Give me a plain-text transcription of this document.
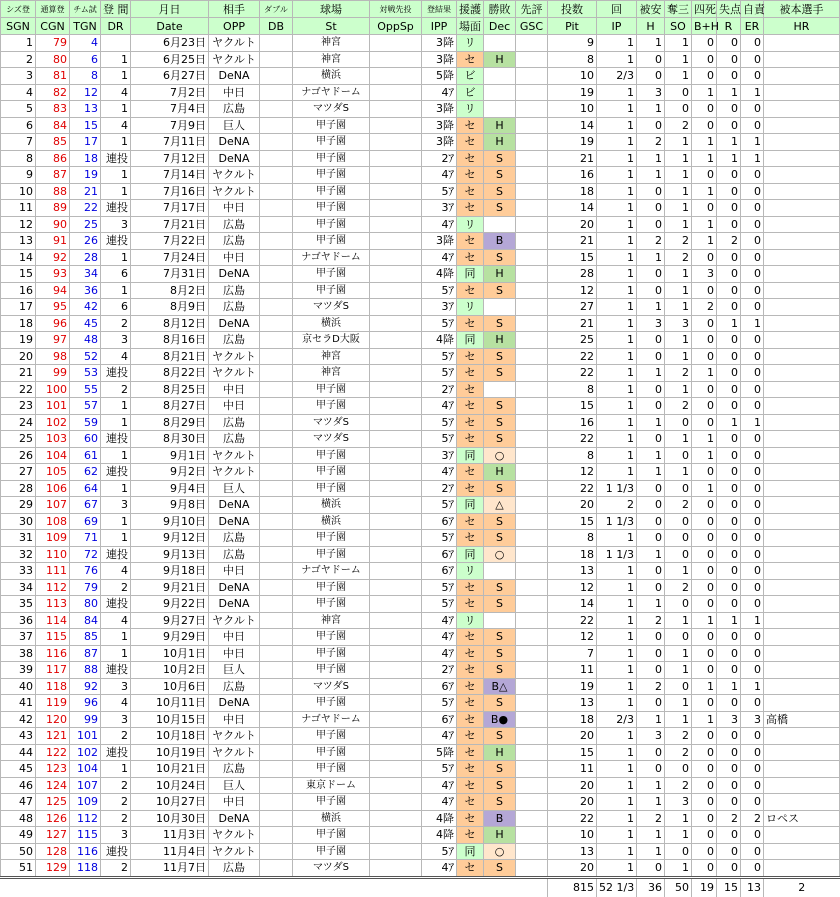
シズ登	通算登	チム試	登 間	月日	相手	ダブル	球場	対戦先投	登結果	援護	勝敗	先評	投数	回	被安	奪三	四死	失点	自責	被本選手
SGN	CGN	TGN	DR	Date	OPP	DB	St	OppSp	IPP	場面	Dec	GSC	Pit	IP	H	SO	B+H	R	ER	HR
1	79	4		6月23日	ヤクルト		神宮		3降	リ			9	1	1	1	0	0	0	
2	80	6	1	6月25日	ヤクルト		神宮		3降	セ	H		8	1	0	1	0	0	0	
3	81	8	1	6月27日	DeNA		横浜		5降	ビ			10	2/3	0	1	0	0	0	
4	82	12	4	7月2日	中日		ナゴヤドーム		4ｱ	ビ			19	1	3	0	1	1	1	
5	83	13	1	7月4日	広島		マツダS		3降	リ			10	1	1	0	0	0	0	
6	84	15	4	7月9日	巨人		甲子園		3降	セ	H		14	1	0	2	0	0	0	
7	85	17	1	7月11日	DeNA		甲子園		3降	セ	H		19	1	2	1	1	1	1	
8	86	18	連投	7月12日	DeNA		甲子園		2ｱ	セ	S		21	1	1	1	1	1	1	
9	87	19	1	7月14日	ヤクルト		甲子園		4ｱ	セ	S		16	1	1	1	0	0	0	
10	88	21	1	7月16日	ヤクルト		甲子園		5ｱ	セ	S		18	1	0	1	1	0	0	
11	89	22	連投	7月17日	中日		甲子園		3ｱ	セ	S		14	1	0	1	0	0	0	
12	90	25	3	7月21日	広島		甲子園		4ｱ	リ			20	1	0	1	1	0	0	
13	91	26	連投	7月22日	広島		甲子園		3降	セ	B		21	1	2	2	1	2	0	
14	92	28	1	7月24日	中日		ナゴヤドーム		4ｱ	セ	S		15	1	1	2	0	0	0	
15	93	34	6	7月31日	DeNA		甲子園		4降	同	H		28	1	0	1	3	0	0	
16	94	36	1	8月2日	広島		甲子園		5ｱ	セ	S		12	1	0	1	0	0	0	
17	95	42	6	8月9日	広島		マツダS		3ｱ	リ			27	1	1	1	2	0	0	
18	96	45	2	8月12日	DeNA		横浜		5ｱ	セ	S		21	1	3	3	0	1	1	
19	97	48	3	8月16日	広島		京セラD大阪		4降	同	H		25	1	0	1	0	0	0	
20	98	52	4	8月21日	ヤクルト		神宮		5ｱ	セ	S		22	1	0	1	0	0	0	
21	99	53	連投	8月22日	ヤクルト		神宮		5ｱ	セ	S		22	1	1	2	1	0	0	
22	100	55	2	8月25日	中日		甲子園		2ｱ	セ			8	1	0	1	0	0	0	
23	101	57	1	8月27日	中日		甲子園		4ｱ	セ	S		15	1	0	2	0	0	0	
24	102	59	1	8月29日	広島		マツダS		5ｱ	セ	S		16	1	1	0	0	1	1	
25	103	60	連投	8月30日	広島		マツダS		5ｱ	セ	S		22	1	0	1	1	0	0	
26	104	61	1	9月1日	ヤクルト		甲子園		3ｱ	同	○		8	1	1	0	1	0	0	
27	105	62	連投	9月2日	ヤクルト		甲子園		4ｱ	セ	H		12	1	1	1	0	0	0	
28	106	64	1	9月4日	巨人		甲子園		2ｱ	セ	S		22	1 1/3	0	0	1	0	0	
29	107	67	3	9月8日	DeNA		横浜		5ｱ	同	△		20	2	0	2	0	0	0	
30	108	69	1	9月10日	DeNA		横浜		6ｱ	セ	S		15	1 1/3	0	0	0	0	0	
31	109	71	1	9月12日	広島		甲子園		5ｱ	セ	S		8	1	0	0	0	0	0	
32	110	72	連投	9月13日	広島		甲子園		6ｱ	同	○		18	1 1/3	1	0	0	0	0	
33	111	76	4	9月18日	中日		ナゴヤドーム		6ｱ	リ			13	1	0	1	0	0	0	
34	112	79	2	9月21日	DeNA		甲子園		5ｱ	セ	S		12	1	0	2	0	0	0	
35	113	80	連投	9月22日	DeNA		甲子園		5ｱ	セ	S		14	1	1	0	0	0	0	
36	114	84	4	9月27日	ヤクルト		神宮		4ｱ	リ			22	1	2	1	1	1	1	
37	115	85	1	9月29日	中日		甲子園		4ｱ	セ	S		12	1	0	0	0	0	0	
38	116	87	1	10月1日	中日		甲子園		4ｱ	セ	S		7	1	0	1	0	0	0	
39	117	88	連投	10月2日	巨人		甲子園		2ｱ	セ	S		11	1	0	1	0	0	0	
40	118	92	3	10月6日	広島		マツダS		6ｱ	セ	B△		19	1	2	0	1	1	1	
41	119	96	4	10月11日	DeNA		甲子園		5ｱ	セ	S		13	1	0	1	0	0	0	
42	120	99	3	10月15日	中日		ナゴヤドーム		6ｱ	セ	B●		18	2/3	1	1	1	3	3	高橋
43	121	101	2	10月18日	ヤクルト		甲子園		4ｱ	セ	S		20	1	3	2	0	0	0	
44	122	102	連投	10月19日	ヤクルト		甲子園		5降	セ	H		15	1	0	2	0	0	0	
45	123	104	1	10月21日	広島		甲子園		5ｱ	セ	S		11	1	0	0	0	0	0	
46	124	107	2	10月24日	巨人		東京ドーム		4ｱ	セ	S		20	1	1	2	0	0	0	
47	125	109	2	10月27日	中日		甲子園		4ｱ	セ	S		20	1	1	3	0	0	0	
48	126	112	2	10月30日	DeNA		横浜		4降	セ	B		22	1	2	1	0	2	2	ロペス
49	127	115	3	11月3日	ヤクルト		甲子園		4降	セ	H		10	1	1	1	0	0	0	
50	128	116	連投	11月4日	ヤクルト		甲子園		5ｱ	同	○		13	1	1	0	0	0	0	
51	129	118	2	11月7日	広島		マツダS		4ｱ	セ	S		20	1	0	1	0	0	0	
													815	52 1/3	36	50	19	15	13	2
